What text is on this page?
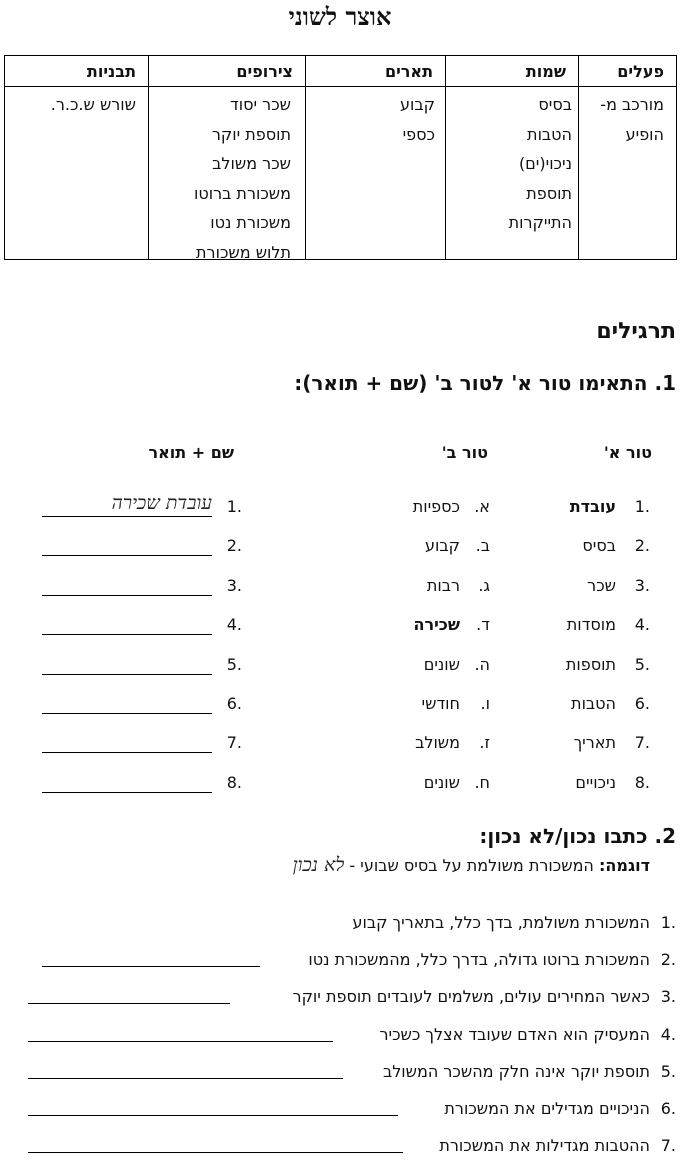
אוצר לשוני
פעלים
מורכב מ-
הופיע
שמות
בסיס
הטבות
ניכוי(ים)
תוספת
התייקרות
תארים
קבוע
כספי
צירופים
שכר יסוד
תוספת יוקר
שכר משולב
משכורת ברוטו
משכורת נטו
תלוש משכורת
תבניות
שורש ש.כ.ר.
תרגילים
1. התאימו טור א' לטור ב' (שם + תואר):
טור א'
טור ב'
שם + תואר
1.
עובדת
א.
כספיות
1.
עובדת שכירה
2.
בסיס
ב.
קבוע
2.
3.
שכר
ג.
רבות
3.
4.
מוסדות
ד.
שכירה
4.
5.
תוספות
ה.
שונים
5.
6.
הטבות
ו.
חודשי
6.
7.
תאריך
ז.
משולב
7.
8.
ניכויים
ח.
שונים
8.
2. כתבו נכון/לא נכון:
דוגמה: המשכורת משולמת על בסיס שבועי - לא נכון
1.
המשכורת משולמת, בדך כלל, בתאריך קבוע
2.
המשכורת ברוטו גדולה, בדרך כלל, מהמשכורת נטו
3.
כאשר המחירים עולים, משלמים לעובדים תוספת יוקר
4.
המעסיק הוא האדם שעובד אצלך כשכיר
5.
תוספת יוקר אינה חלק מהשכר המשולב
6.
הניכויים מגדילים את המשכורת
7.
ההטבות מגדילות את המשכורת
